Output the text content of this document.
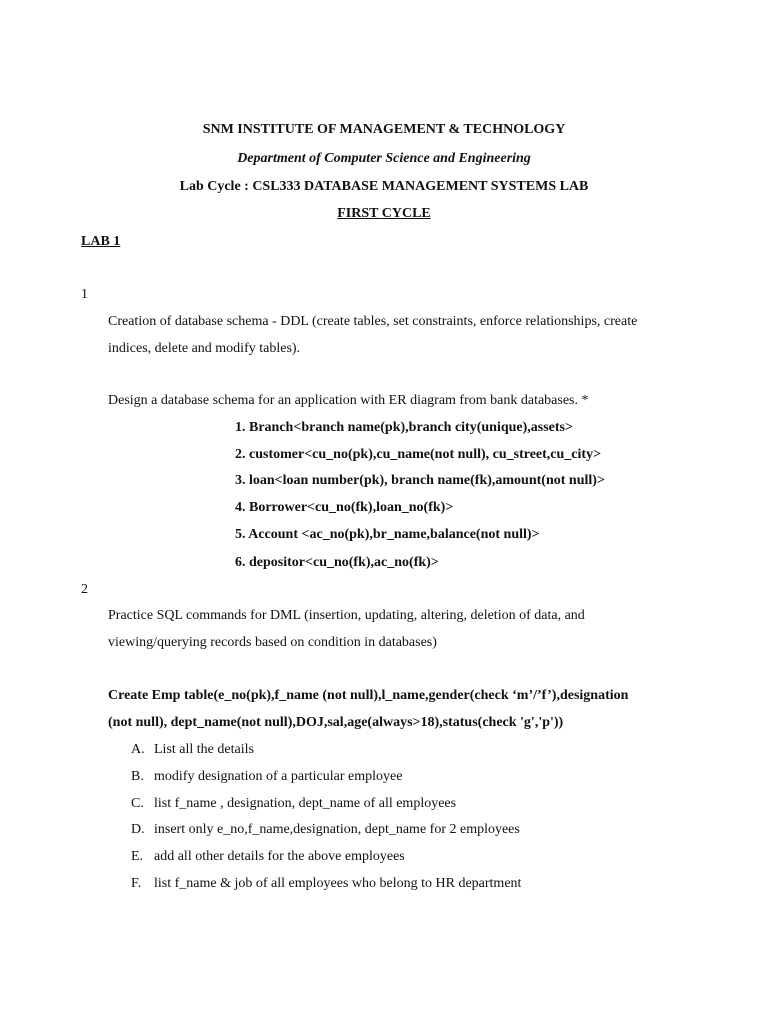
SNM INSTITUTE OF MANAGEMENT & TECHNOLOGY
Department of Computer Science and Engineering
Lab Cycle : CSL333 DATABASE MANAGEMENT SYSTEMS LAB
FIRST CYCLE
LAB 1
1
Creation of database schema - DDL (create tables, set constraints, enforce relationships, create
indices, delete and modify tables).
Design a database schema for an application with ER diagram from bank databases. *
1. Branch<branch name(pk),branch city(unique),assets>
2. customer<cu_no(pk),cu_name(not null), cu_street,cu_city>
3. loan<loan number(pk), branch name(fk),amount(not null)>
4. Borrower<cu_no(fk),loan_no(fk)>
5. Account <ac_no(pk),br_name,balance(not null)>
6. depositor<cu_no(fk),ac_no(fk)>
2
Practice SQL commands for DML (insertion, updating, altering, deletion of data, and
viewing/querying records based on condition in databases)
Create Emp table(e_no(pk),f_name (not null),l_name,gender(check ‘m’/’f’),designation
(not null), dept_name(not null),DOJ,sal,age(always>18),status(check 'g','p'))
A. List all the details
B. modify designation of a particular employee
C. list f_name , designation, dept_name of all employees
D. insert only e_no,f_name,designation, dept_name for 2 employees
E. add all other details for the above employees
F. list f_name & job of all employees who belong to HR department
